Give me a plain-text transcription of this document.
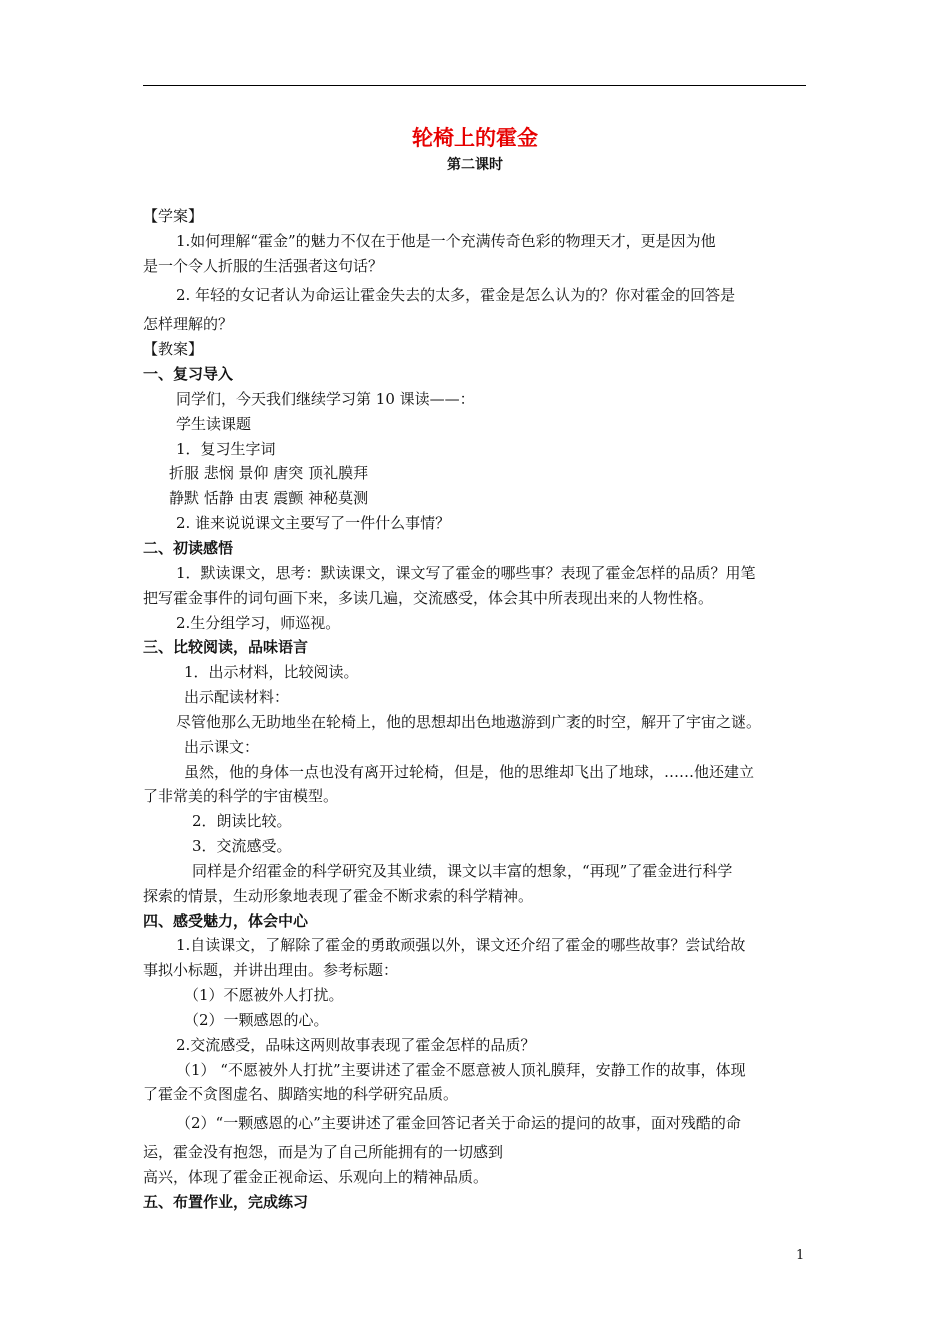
轮椅上的霍金
第二课时
【学案】
1.如何理解“霍金”的魅力不仅在于他是一个充满传奇色彩的物理天才，更是因为他
是一个令人折服的生活强者这句话？
2. 年轻的女记者认为命运让霍金失去的太多，霍金是怎么认为的？你对霍金的回答是
怎样理解的？
【教案】
一、复习导入
同学们，今天我们继续学习第 10 课读——：
学生读课题
1．复习生字词
折服 悲悯 景仰 唐突 顶礼膜拜
静默 恬静 由衷 震颤 神秘莫测
2. 谁来说说课文主要写了一件什么事情？
二、初读感悟
1．默读课文，思考：默读课文，课文写了霍金的哪些事？表现了霍金怎样的品质？用笔
把写霍金事件的词句画下来，多读几遍，交流感受，体会其中所表现出来的人物性格。
2.生分组学习，师巡视。
三、比较阅读，品味语言
1．出示材料，比较阅读。
出示配读材料：
尽管他那么无助地坐在轮椅上，他的思想却出色地遨游到广袤的时空，解开了宇宙之谜。
出示课文：
虽然，他的身体一点也没有离开过轮椅，但是，他的思维却飞出了地球，……他还建立
了非常美的科学的宇宙模型。
2．朗读比较。
3．交流感受。
同样是介绍霍金的科学研究及其业绩，课文以丰富的想象，“再现”了霍金进行科学
探索的情景，生动形象地表现了霍金不断求索的科学精神。
四、感受魅力，体会中心
1.自读课文，了解除了霍金的勇敢顽强以外，课文还介绍了霍金的哪些故事？尝试给故
事拟小标题，并讲出理由。参考标题：
（1）不愿被外人打扰。
（2）一颗感恩的心。
2.交流感受，品味这两则故事表现了霍金怎样的品质？
（1） “不愿被外人打扰”主要讲述了霍金不愿意被人顶礼膜拜，安静工作的故事，体现
了霍金不贪图虚名、脚踏实地的科学研究品质。
（2）“一颗感恩的心”主要讲述了霍金回答记者关于命运的提问的故事，面对残酷的命
运，霍金没有抱怨，而是为了自己所能拥有的一切感到
高兴，体现了霍金正视命运、乐观向上的精神品质。
五、布置作业，完成练习
1
